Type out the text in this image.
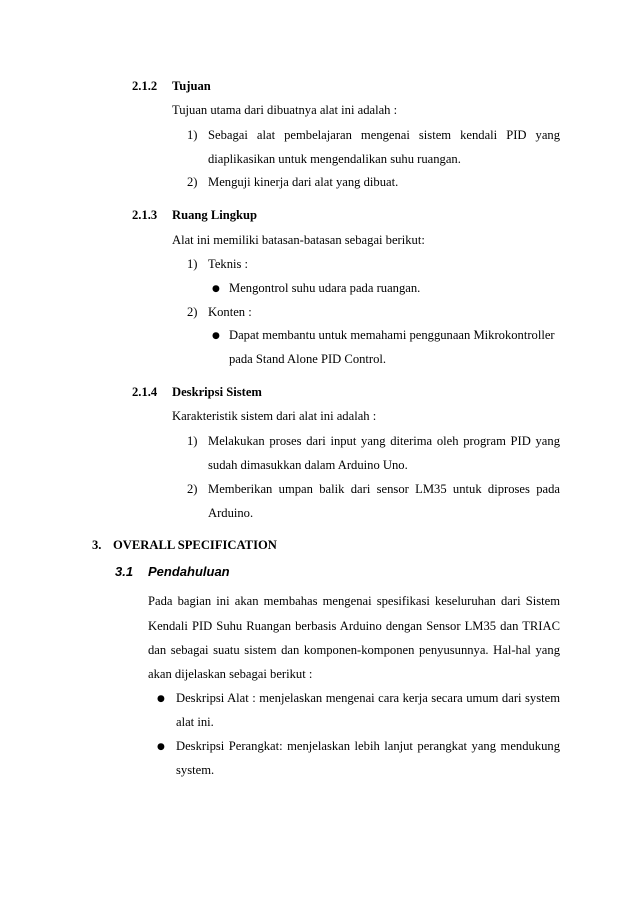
2.1.2 Tujuan
Tujuan utama dari dibuatnya alat ini adalah :
1) Sebagai alat pembelajaran mengenai sistem kendali PID yang
diaplikasikan untuk mengendalikan suhu ruangan.
2) Menguji kinerja dari alat yang dibuat.
2.1.3 Ruang Lingkup
Alat ini memiliki batasan-batasan sebagai berikut:
1) Teknis :
● Mengontrol suhu udara pada ruangan.
2) Konten :
● Dapat membantu untuk memahami penggunaan Mikrokontroller
pada Stand Alone PID Control.
2.1.4 Deskripsi Sistem
Karakteristik sistem dari alat ini adalah :
1) Melakukan proses dari input yang diterima oleh program PID yang
sudah dimasukkan dalam Arduino Uno.
2) Memberikan umpan balik dari sensor LM35 untuk diproses pada
Arduino.
3. OVERALL SPECIFICATION
3.1 Pendahuluan
Pada bagian ini akan membahas mengenai spesifikasi keseluruhan dari Sistem
Kendali PID Suhu Ruangan berbasis Arduino dengan Sensor LM35 dan TRIAC
dan sebagai suatu sistem dan komponen-komponen penyusunnya. Hal-hal yang
akan dijelaskan sebagai berikut :
● Deskripsi Alat : menjelaskan mengenai cara kerja secara umum dari system
alat ini.
● Deskripsi Perangkat: menjelaskan lebih lanjut perangkat yang mendukung
system.
